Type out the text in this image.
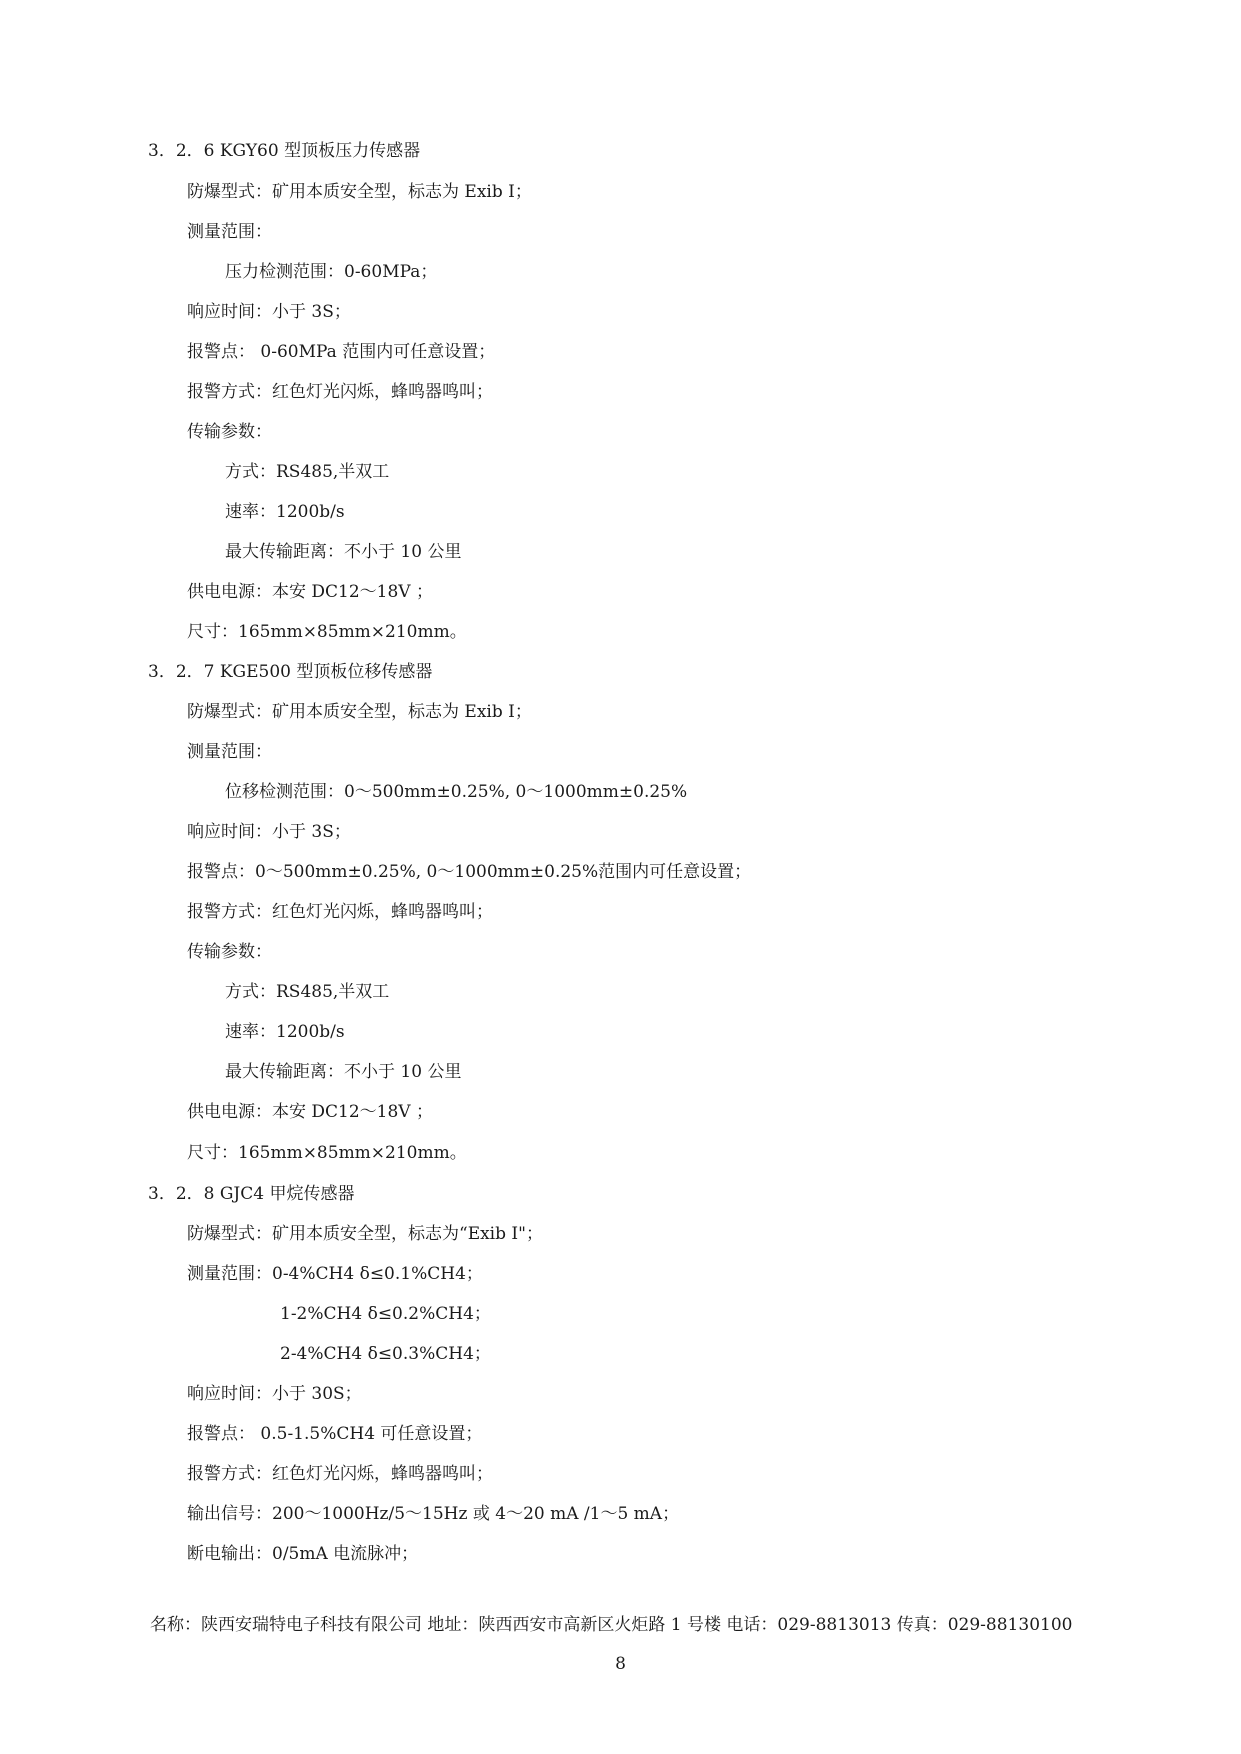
3．2．6 KGY60 型顶板压力传感器
防爆型式：矿用本质安全型，标志为 Exib I；
测量范围：
压力检测范围：0-60MPa；
响应时间：小于 3S；
报警点： 0-60MPa 范围内可任意设置；
报警方式：红色灯光闪烁，蜂鸣器鸣叫；
传输参数：
方式：RS485,半双工
速率：1200b/s
最大传输距离：不小于 10 公里
供电电源：本安 DC12～18V ；
尺寸：165mm×85mm×210mm。
3．2．7 KGE500 型顶板位移传感器
防爆型式：矿用本质安全型，标志为 Exib I；
测量范围：
位移检测范围：0～500mm±0.25%, 0～1000mm±0.25%
响应时间：小于 3S；
报警点：0～500mm±0.25%, 0～1000mm±0.25%范围内可任意设置；
报警方式：红色灯光闪烁，蜂鸣器鸣叫；
传输参数：
方式：RS485,半双工
速率：1200b/s
最大传输距离：不小于 10 公里
供电电源：本安 DC12～18V ；
尺寸：165mm×85mm×210mm。
3．2．8 GJC4 甲烷传感器
防爆型式：矿用本质安全型，标志为“Exib I"；
测量范围：0-4%CH4 δ≤0.1%CH4；
1-2%CH4 δ≤0.2%CH4；
2-4%CH4 δ≤0.3%CH4；
响应时间：小于 30S；
报警点： 0.5-1.5%CH4 可任意设置；
报警方式：红色灯光闪烁，蜂鸣器鸣叫；
输出信号：200～1000Hz/5～15Hz 或 4～20 mA /1～5 mA；
断电输出：0/5mA 电流脉冲；
名称：陕西安瑞特电子科技有限公司 地址：陕西西安市高新区火炬路 1 号楼 电话：029-8813013 传真：029-88130100
8
